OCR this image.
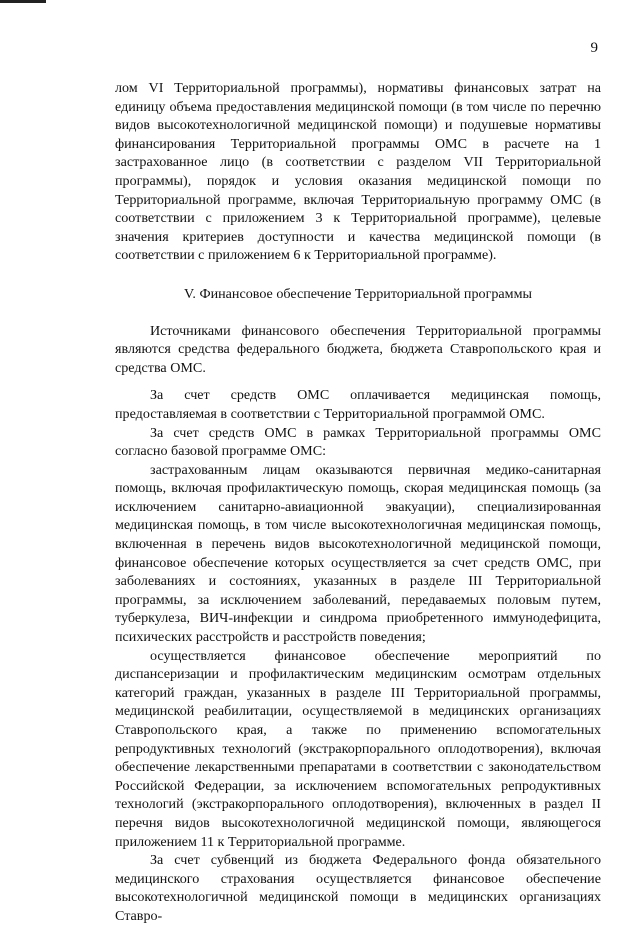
9

лом VI Территориальной программы), нормативы финансовых затрат на единицу объема предоставления медицинской помощи (в том числе по перечню видов высокотехнологичной медицинской помощи) и подушевые нормативы финансирования Территориальной программы ОМС в расчете на 1 застрахованное лицо (в соответствии с разделом VII Территориальной программы), порядок и условия оказания медицинской помощи по Территориальной программе, включая Территориальную программу ОМС (в соответствии с приложением 3 к Территориальной программе), целевые значения критериев доступности и качества медицинской помощи (в соответствии с приложением 6 к Территориальной программе).

V. Финансовое обеспечение Территориальной программы

Источниками финансового обеспечения Территориальной программы являются средства федерального бюджета, бюджета Ставропольского края и средства ОМС.

За счет средств ОМС оплачивается медицинская помощь, предоставляемая в соответствии с Территориальной программой ОМС.

За счет средств ОМС в рамках Территориальной программы ОМС согласно базовой программе ОМС:

застрахованным лицам оказываются первичная медико-санитарная помощь, включая профилактическую помощь, скорая медицинская помощь (за исключением санитарно-авиационной эвакуации), специализированная медицинская помощь, в том числе высокотехнологичная медицинская помощь, включенная в перечень видов высокотехнологичной медицинской помощи, финансовое обеспечение которых осуществляется за счет средств ОМС, при заболеваниях и состояниях, указанных в разделе III Территориальной программы, за исключением заболеваний, передаваемых половым путем, туберкулеза, ВИЧ-инфекции и синдрома приобретенного иммунодефицита, психических расстройств и расстройств поведения;

осуществляется финансовое обеспечение мероприятий по диспансеризации и профилактическим медицинским осмотрам отдельных категорий граждан, указанных в разделе III Территориальной программы, медицинской реабилитации, осуществляемой в медицинских организациях Ставропольского края, а также по применению вспомогательных репродуктивных технологий (экстракорпорального оплодотворения), включая обеспечение лекарственными препаратами в соответствии с законодательством Российской Федерации, за исключением вспомогательных репродуктивных технологий (экстракорпорального оплодотворения), включенных в раздел II перечня видов высокотехнологичной медицинской помощи, являющегося приложением 11 к Территориальной программе.

За счет субвенций из бюджета Федерального фонда обязательного медицинского страхования осуществляется финансовое обеспечение высокотехнологичной медицинской помощи в медицинских организациях Ставро-
